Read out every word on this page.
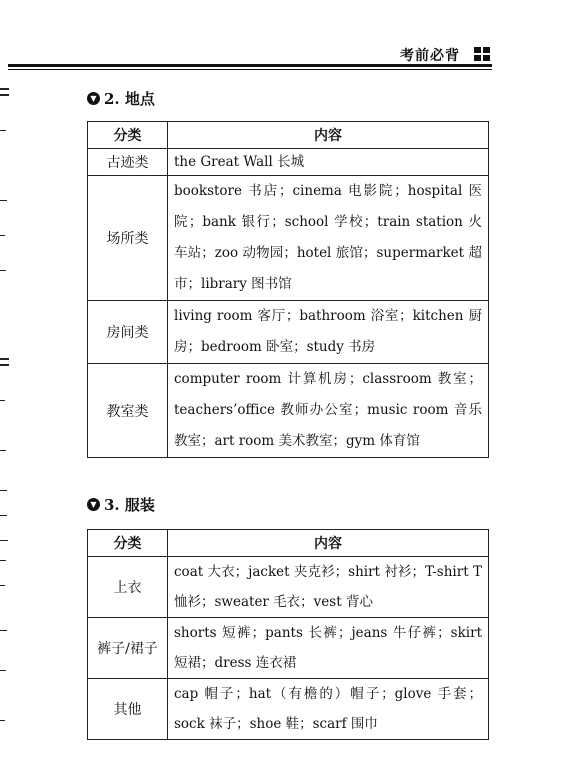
考前必背
▼ 2. 地点
分类	内容
古迹类	the Great Wall 长城
场所类	bookstore 书店；cinema 电影院；hospital 医院；bank 银行；school 学校；train station 火车站；zoo 动物园；hotel 旅馆；supermarket 超市；library 图书馆
房间类	living room 客厅；bathroom 浴室；kitchen 厨房；bedroom 卧室；study 书房
教室类	computer room 计算机房；classroom 教室；teachers’office 教师办公室；music room 音乐教室；art room 美术教室；gym 体育馆
▼ 3. 服装
分类	内容
上衣	coat 大衣；jacket 夹克衫；shirt 衬衫；T-shirt T恤衫；sweater 毛衣；vest 背心
裤子/裙子	shorts 短裤；pants 长裤；jeans 牛仔裤；skirt 短裙；dress 连衣裙
其他	cap 帽子；hat（有檐的）帽子；glove 手套；sock 袜子；shoe 鞋；scarf 围巾
